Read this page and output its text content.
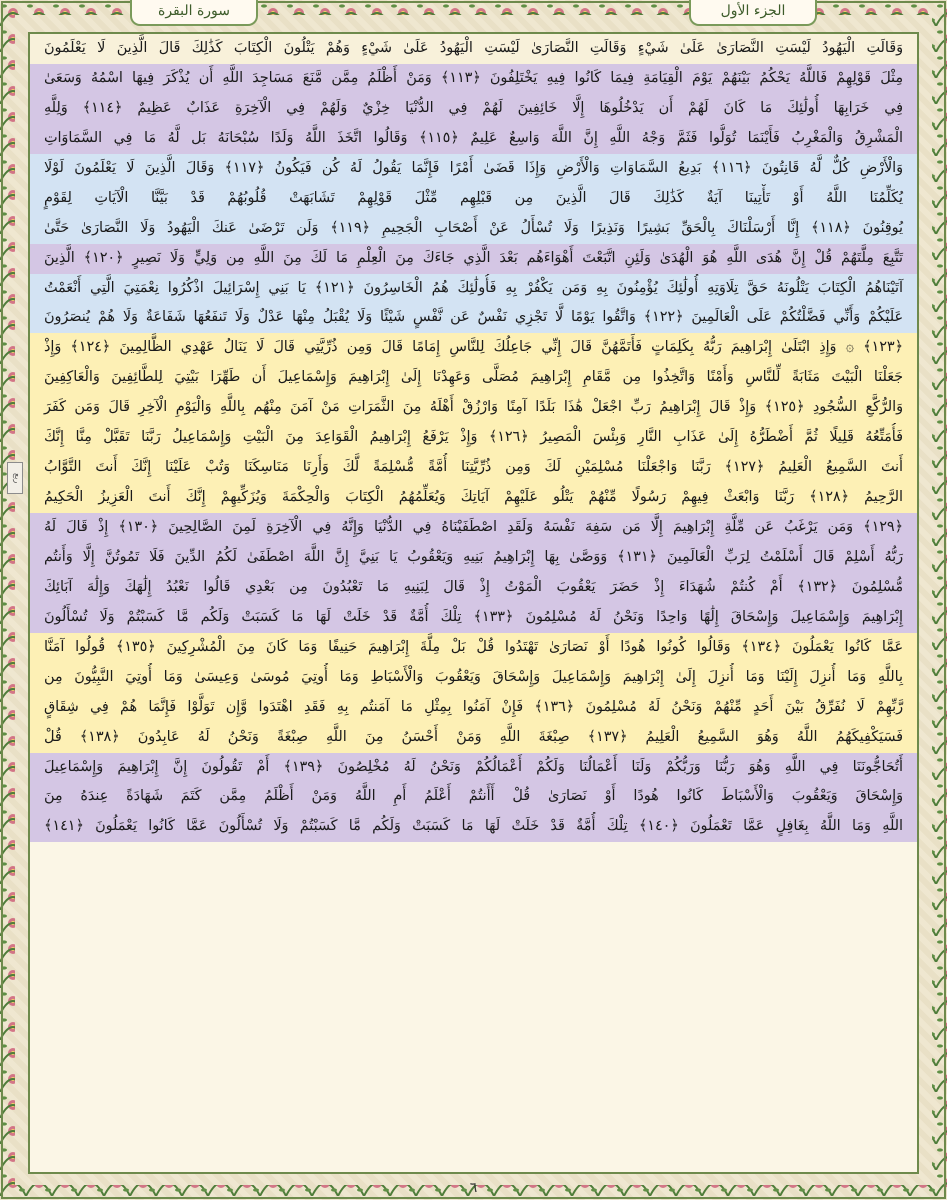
سورة البقرة	الجزء الأول
ربع
وَقَالَتِ الْيَهُودُ لَيْسَتِ النَّصَارَىٰ عَلَىٰ شَيْءٍ وَقَالَتِ النَّصَارَىٰ لَيْسَتِ الْيَهُودُ عَلَىٰ شَيْءٍ وَهُمْ يَتْلُونَ الْكِتَابَ كَذَٰلِكَ قَالَ الَّذِينَ لَا يَعْلَمُونَ
مِثْلَ قَوْلِهِمْ فَاللَّهُ يَحْكُمُ بَيْنَهُمْ يَوْمَ الْقِيَامَةِ فِيمَا كَانُوا فِيهِ يَخْتَلِفُونَ ﴿١١٣﴾ وَمَنْ أَظْلَمُ مِمَّن مَّنَعَ مَسَاجِدَ اللَّهِ أَن يُذْكَرَ فِيهَا اسْمُهُ وَسَعَىٰ
فِي خَرَابِهَا أُولَٰئِكَ مَا كَانَ لَهُمْ أَن يَدْخُلُوهَا إِلَّا خَائِفِينَ لَهُمْ فِي الدُّنْيَا خِزْيٌ وَلَهُمْ فِي الْآخِرَةِ عَذَابٌ عَظِيمٌ ﴿١١٤﴾ وَلِلَّهِ
الْمَشْرِقُ وَالْمَغْرِبُ فَأَيْنَمَا تُوَلُّوا فَثَمَّ وَجْهُ اللَّهِ إِنَّ اللَّهَ وَاسِعٌ عَلِيمٌ ﴿١١٥﴾ وَقَالُوا اتَّخَذَ اللَّهُ وَلَدًا سُبْحَانَهُ بَل لَّهُ مَا فِي السَّمَاوَاتِ
وَالْأَرْضِ كُلٌّ لَّهُ قَانِتُونَ ﴿١١٦﴾ بَدِيعُ السَّمَاوَاتِ وَالْأَرْضِ وَإِذَا قَضَىٰ أَمْرًا فَإِنَّمَا يَقُولُ لَهُ كُن فَيَكُونُ ﴿١١٧﴾ وَقَالَ الَّذِينَ لَا يَعْلَمُونَ لَوْلَا
يُكَلِّمُنَا اللَّهُ أَوْ تَأْتِينَا آيَةٌ كَذَٰلِكَ قَالَ الَّذِينَ مِن قَبْلِهِم مِّثْلَ قَوْلِهِمْ تَشَابَهَتْ قُلُوبُهُمْ قَدْ بَيَّنَّا الْآيَاتِ لِقَوْمٍ
يُوقِنُونَ ﴿١١٨﴾ إِنَّا أَرْسَلْنَاكَ بِالْحَقِّ بَشِيرًا وَنَذِيرًا وَلَا تُسْأَلُ عَنْ أَصْحَابِ الْجَحِيمِ ﴿١١٩﴾ وَلَن تَرْضَىٰ عَنكَ الْيَهُودُ وَلَا النَّصَارَىٰ حَتَّىٰ
تَتَّبِعَ مِلَّتَهُمْ قُلْ إِنَّ هُدَى اللَّهِ هُوَ الْهُدَىٰ وَلَئِنِ اتَّبَعْتَ أَهْوَاءَهُم بَعْدَ الَّذِي جَاءَكَ مِنَ الْعِلْمِ مَا لَكَ مِنَ اللَّهِ مِن وَلِيٍّ وَلَا نَصِيرٍ ﴿١٢٠﴾ الَّذِينَ
آتَيْنَاهُمُ الْكِتَابَ يَتْلُونَهُ حَقَّ تِلَاوَتِهِ أُولَٰئِكَ يُؤْمِنُونَ بِهِ وَمَن يَكْفُرْ بِهِ فَأُولَٰئِكَ هُمُ الْخَاسِرُونَ ﴿١٢١﴾ يَا بَنِي إِسْرَائِيلَ اذْكُرُوا نِعْمَتِيَ الَّتِي أَنْعَمْتُ
عَلَيْكُمْ وَأَنِّي فَضَّلْتُكُمْ عَلَى الْعَالَمِينَ ﴿١٢٢﴾ وَاتَّقُوا يَوْمًا لَّا تَجْزِي نَفْسٌ عَن نَّفْسٍ شَيْئًا وَلَا يُقْبَلُ مِنْهَا عَدْلٌ وَلَا تَنفَعُهَا شَفَاعَةٌ وَلَا هُمْ يُنصَرُونَ
﴿١٢٣﴾ ۞ وَإِذِ ابْتَلَىٰ إِبْرَاهِيمَ رَبُّهُ بِكَلِمَاتٍ فَأَتَمَّهُنَّ قَالَ إِنِّي جَاعِلُكَ لِلنَّاسِ إِمَامًا قَالَ وَمِن ذُرِّيَّتِي قَالَ لَا يَنَالُ عَهْدِي الظَّالِمِينَ ﴿١٢٤﴾ وَإِذْ
جَعَلْنَا الْبَيْتَ مَثَابَةً لِّلنَّاسِ وَأَمْنًا وَاتَّخِذُوا مِن مَّقَامِ إِبْرَاهِيمَ مُصَلًّى وَعَهِدْنَا إِلَىٰ إِبْرَاهِيمَ وَإِسْمَاعِيلَ أَن طَهِّرَا بَيْتِيَ لِلطَّائِفِينَ وَالْعَاكِفِينَ
وَالرُّكَّعِ السُّجُودِ ﴿١٢٥﴾ وَإِذْ قَالَ إِبْرَاهِيمُ رَبِّ اجْعَلْ هَٰذَا بَلَدًا آمِنًا وَارْزُقْ أَهْلَهُ مِنَ الثَّمَرَاتِ مَنْ آمَنَ مِنْهُم بِاللَّهِ وَالْيَوْمِ الْآخِرِ قَالَ وَمَن كَفَرَ
فَأُمَتِّعُهُ قَلِيلًا ثُمَّ أَضْطَرُّهُ إِلَىٰ عَذَابِ النَّارِ وَبِئْسَ الْمَصِيرُ ﴿١٢٦﴾ وَإِذْ يَرْفَعُ إِبْرَاهِيمُ الْقَوَاعِدَ مِنَ الْبَيْتِ وَإِسْمَاعِيلُ رَبَّنَا تَقَبَّلْ مِنَّا إِنَّكَ
أَنتَ السَّمِيعُ الْعَلِيمُ ﴿١٢٧﴾ رَبَّنَا وَاجْعَلْنَا مُسْلِمَيْنِ لَكَ وَمِن ذُرِّيَّتِنَا أُمَّةً مُّسْلِمَةً لَّكَ وَأَرِنَا مَنَاسِكَنَا وَتُبْ عَلَيْنَا إِنَّكَ أَنتَ التَّوَّابُ
الرَّحِيمُ ﴿١٢٨﴾ رَبَّنَا وَابْعَثْ فِيهِمْ رَسُولًا مِّنْهُمْ يَتْلُو عَلَيْهِمْ آيَاتِكَ وَيُعَلِّمُهُمُ الْكِتَابَ وَالْحِكْمَةَ وَيُزَكِّيهِمْ إِنَّكَ أَنتَ الْعَزِيزُ الْحَكِيمُ
﴿١٢٩﴾ وَمَن يَرْغَبُ عَن مِّلَّةِ إِبْرَاهِيمَ إِلَّا مَن سَفِهَ نَفْسَهُ وَلَقَدِ اصْطَفَيْنَاهُ فِي الدُّنْيَا وَإِنَّهُ فِي الْآخِرَةِ لَمِنَ الصَّالِحِينَ ﴿١٣٠﴾ إِذْ قَالَ لَهُ
رَبُّهُ أَسْلِمْ قَالَ أَسْلَمْتُ لِرَبِّ الْعَالَمِينَ ﴿١٣١﴾ وَوَصَّىٰ بِهَا إِبْرَاهِيمُ بَنِيهِ وَيَعْقُوبُ يَا بَنِيَّ إِنَّ اللَّهَ اصْطَفَىٰ لَكُمُ الدِّينَ فَلَا تَمُوتُنَّ إِلَّا وَأَنتُم
مُّسْلِمُونَ ﴿١٣٢﴾ أَمْ كُنتُمْ شُهَدَاءَ إِذْ حَضَرَ يَعْقُوبَ الْمَوْتُ إِذْ قَالَ لِبَنِيهِ مَا تَعْبُدُونَ مِن بَعْدِي قَالُوا نَعْبُدُ إِلَٰهَكَ وَإِلَٰهَ آبَائِكَ
إِبْرَاهِيمَ وَإِسْمَاعِيلَ وَإِسْحَاقَ إِلَٰهًا وَاحِدًا وَنَحْنُ لَهُ مُسْلِمُونَ ﴿١٣٣﴾ تِلْكَ أُمَّةٌ قَدْ خَلَتْ لَهَا مَا كَسَبَتْ وَلَكُم مَّا كَسَبْتُمْ وَلَا تُسْأَلُونَ
عَمَّا كَانُوا يَعْمَلُونَ ﴿١٣٤﴾ وَقَالُوا كُونُوا هُودًا أَوْ نَصَارَىٰ تَهْتَدُوا قُلْ بَلْ مِلَّةَ إِبْرَاهِيمَ حَنِيفًا وَمَا كَانَ مِنَ الْمُشْرِكِينَ ﴿١٣٥﴾ قُولُوا آمَنَّا
بِاللَّهِ وَمَا أُنزِلَ إِلَيْنَا وَمَا أُنزِلَ إِلَىٰ إِبْرَاهِيمَ وَإِسْمَاعِيلَ وَإِسْحَاقَ وَيَعْقُوبَ وَالْأَسْبَاطِ وَمَا أُوتِيَ مُوسَىٰ وَعِيسَىٰ وَمَا أُوتِيَ النَّبِيُّونَ مِن
رَّبِّهِمْ لَا نُفَرِّقُ بَيْنَ أَحَدٍ مِّنْهُمْ وَنَحْنُ لَهُ مُسْلِمُونَ ﴿١٣٦﴾ فَإِنْ آمَنُوا بِمِثْلِ مَا آمَنتُم بِهِ فَقَدِ اهْتَدَوا وَّإِن تَوَلَّوْا فَإِنَّمَا هُمْ فِي شِقَاقٍ
فَسَيَكْفِيكَهُمُ اللَّهُ وَهُوَ السَّمِيعُ الْعَلِيمُ ﴿١٣٧﴾ صِبْغَةَ اللَّهِ وَمَنْ أَحْسَنُ مِنَ اللَّهِ صِبْغَةً وَنَحْنُ لَهُ عَابِدُونَ ﴿١٣٨﴾ قُلْ
أَتُحَاجُّونَنَا فِي اللَّهِ وَهُوَ رَبُّنَا وَرَبُّكُمْ وَلَنَا أَعْمَالُنَا وَلَكُمْ أَعْمَالُكُمْ وَنَحْنُ لَهُ مُخْلِصُونَ ﴿١٣٩﴾ أَمْ تَقُولُونَ إِنَّ إِبْرَاهِيمَ وَإِسْمَاعِيلَ
وَإِسْحَاقَ وَيَعْقُوبَ وَالْأَسْبَاطَ كَانُوا هُودًا أَوْ نَصَارَىٰ قُلْ أَأَنتُمْ أَعْلَمُ أَمِ اللَّهُ وَمَنْ أَظْلَمُ مِمَّن كَتَمَ شَهَادَةً عِندَهُ مِنَ
اللَّهِ وَمَا اللَّهُ بِغَافِلٍ عَمَّا تَعْمَلُونَ ﴿١٤٠﴾ تِلْكَ أُمَّةٌ قَدْ خَلَتْ لَهَا مَا كَسَبَتْ وَلَكُم مَّا كَسَبْتُمْ وَلَا تُسْأَلُونَ عَمَّا كَانُوا يَعْمَلُونَ ﴿١٤١﴾
٦
